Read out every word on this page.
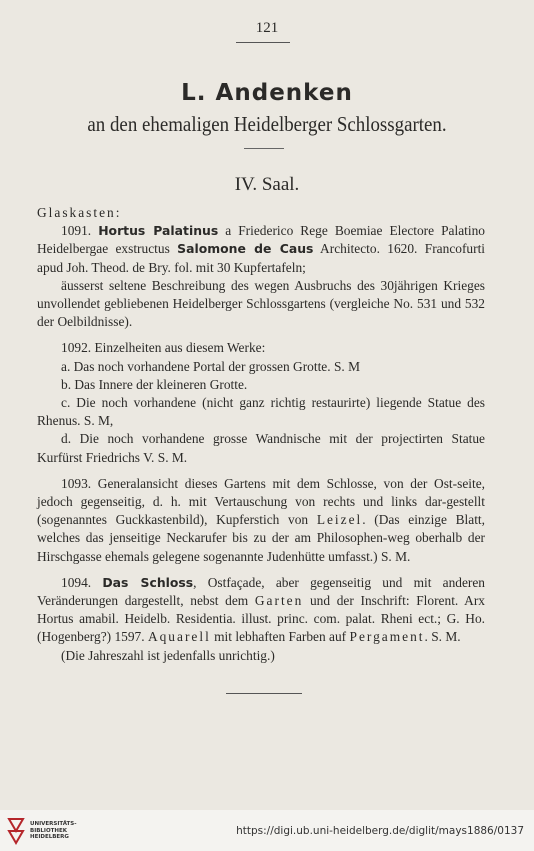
121
L. Andenken
an den ehemaligen Heidelberger Schlossgarten.
IV. Saal.

Glaskasten:

1091. Hortus Palatinus a Friederico Rege Boemiae Electore Palatino Heidelbergae exstructus Salomone de Caus Architecto. 1620. Francofurti apud Joh. Theod. de Bry. fol. mit 30 Kupfertafeln;

äusserst seltene Beschreibung des wegen Ausbruchs des 30jährigen Krieges unvollendet gebliebenen Heidelberger Schlossgartens (vergleiche No. 531 und 532 der Oelbildnisse).

1092. Einzelheiten aus diesem Werke:

a. Das noch vorhandene Portal der grossen Grotte. S. M

b. Das Innere der kleineren Grotte.

c. Die noch vorhandene (nicht ganz richtig restaurirte) liegende Statue des Rhenus. S. M,

d. Die noch vorhandene grosse Wandnische mit der projectirten Statue Kurfürst Friedrichs V. S. M.

1093. Generalansicht dieses Gartens mit dem Schlosse, von der Ost-seite, jedoch gegenseitig, d. h. mit Vertauschung von rechts und links dar-gestellt (sogenanntes Guckkastenbild), Kupferstich von Leizel. (Das einzige Blatt, welches das jenseitige Neckarufer bis zu der am Philosophen-weg oberhalb der Hirschgasse ehemals gelegene sogenannte Judenhütte umfasst.) S. M.

1094. Das Schloss, Ostfaçade, aber gegenseitig und mit anderen Veränderungen dargestellt, nebst dem Garten und der Inschrift: Florent. Arx Hortus amabil. Heidelb. Residentia. illust. princ. com. palat. Rheni ect.; G. Ho. (Hogenberg?) 1597. Aquarell mit lebhaften Farben auf Pergament. S. M.

(Die Jahreszahl ist jedenfalls unrichtig.)

UNIVERSITÄTS-
BIBLIOTHEK
HEIDELBERG	https://digi.ub.uni-heidelberg.de/diglit/mays1886/0137
